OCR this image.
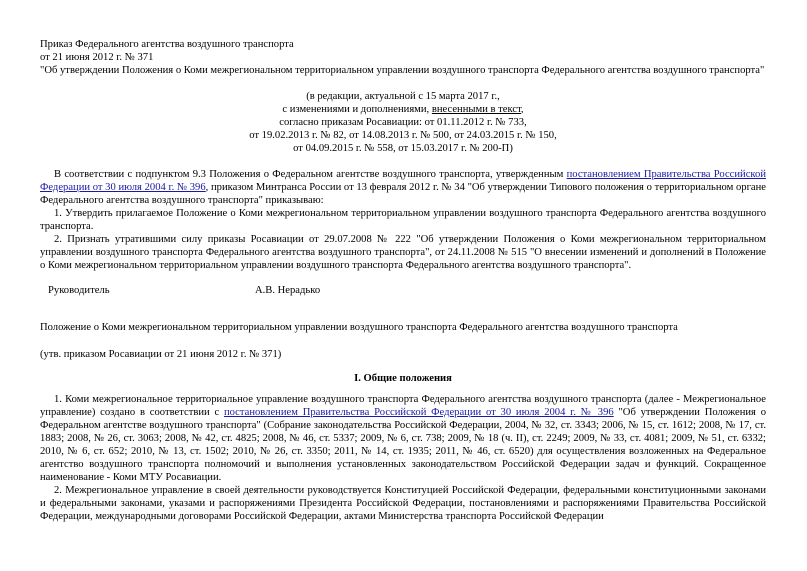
Приказ Федерального агентства воздушного транспорта

от 21 июня 2012 г. № 371

"Об утверждении Положения о Коми межрегиональном территориальном управлении воздушного транспорта Федерального агентства воздушного транспорта"

(в редакции, актуальной с 15 марта 2017 г.,

с изменениями и дополнениями, внесенными в текст,

согласно приказам Росавиации: от 01.11.2012 г. № 733,

от 19.02.2013 г. № 82, от 14.08.2013 г. № 500, от 24.03.2015 г. № 150,

от 04.09.2015 г. № 558, от 15.03.2017 г. № 200-П)

В соответствии с подпунктом 9.3 Положения о Федеральном агентстве воздушного транспорта, утвержденным постановлением Правительства Российской Федерации от 30 июля 2004 г. № 396, приказом Минтранса России от 13 февраля 2012 г. № 34 "Об утверждении Типового положения о территориальном органе Федерального агентства воздушного транспорта" приказываю:

1. Утвердить прилагаемое Положение о Коми межрегиональном территориальном управлении воздушного транспорта Федерального агентства воздушного транспорта.

2. Признать утратившими силу приказы Росавиации от 29.07.2008 № 222 "Об утверждении Положения о Коми межрегиональном территориальном управлении воздушного транспорта Федерального агентства воздушного транспорта", от 24.11.2008 № 515 "О внесении изменений и дополнений в Положение о Коми межрегиональном территориальном управлении воздушного транспорта Федерального агентства воздушного транспорта".

Руководитель	А.В. Нерадько

Положение о Коми межрегиональном территориальном управлении воздушного транспорта Федерального агентства воздушного транспорта

(утв. приказом Росавиации от 21 июня 2012 г. № 371)

I. Общие положения

1. Коми межрегиональное территориальное управление воздушного транспорта Федерального агентства воздушного транспорта (далее - Межрегиональное управление) создано в соответствии с постановлением Правительства Российской Федерации от 30 июля 2004 г. № 396 "Об утверждении Положения о Федеральном агентстве воздушного транспорта" (Собрание законодательства Российской Федерации, 2004, № 32, ст. 3343; 2006, № 15, ст. 1612; 2008, № 17, ст. 1883; 2008, № 26, ст. 3063; 2008, № 42, ст. 4825; 2008, № 46, ст. 5337; 2009, № 6, ст. 738; 2009, № 18 (ч. II), ст. 2249; 2009, № 33, ст. 4081; 2009, № 51, ст. 6332; 2010, № 6, ст. 652; 2010, № 13, ст. 1502; 2010, № 26, ст. 3350; 2011, № 14, ст. 1935; 2011, № 46, ст. 6520) для осуществления возложенных на Федеральное агентство воздушного транспорта полномочий и выполнения установленных законодательством Российской Федерации задач и функций. Сокращенное наименование - Коми МТУ Росавиации.

2. Межрегиональное управление в своей деятельности руководствуется Конституцией Российской Федерации, федеральными конституционными законами и федеральными законами, указами и распоряжениями Президента Российской Федерации, постановлениями и распоряжениями Правительства Российской Федерации, международными договорами Российской Федерации, актами Министерства транспорта Российской Федерации
